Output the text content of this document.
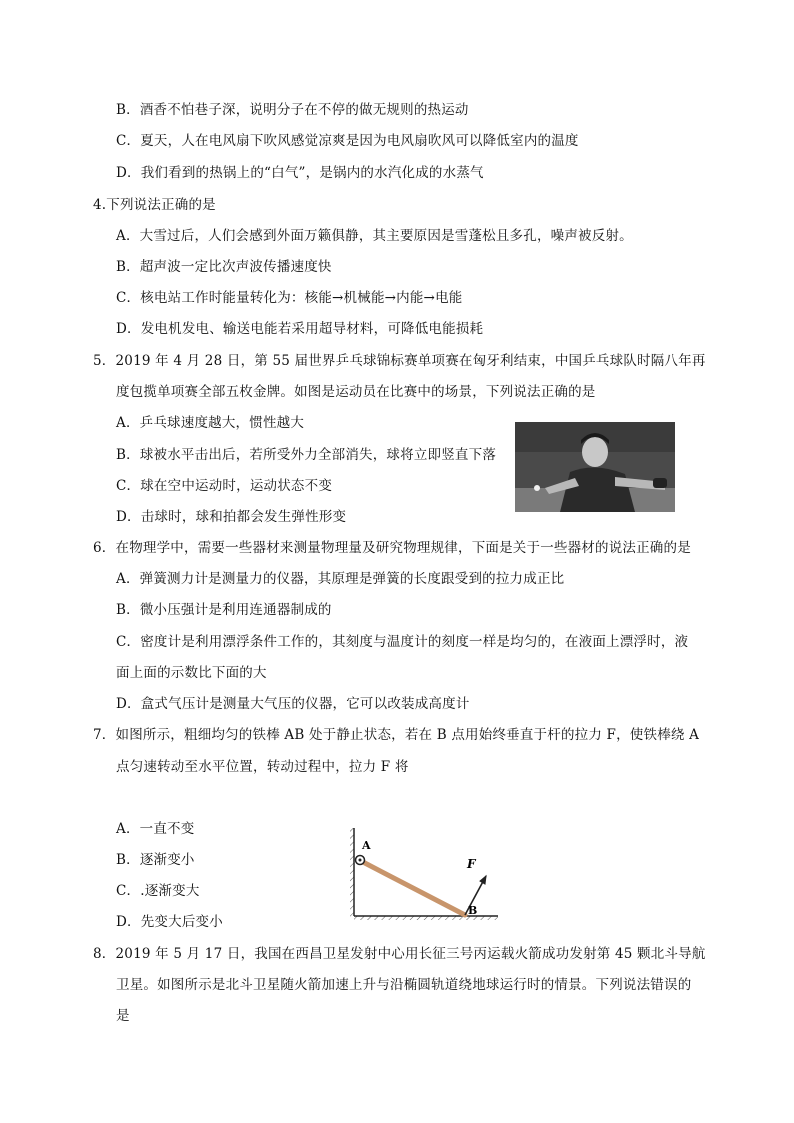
B．酒香不怕巷子深，说明分子在不停的做无规则的热运动
C．夏天，人在电风扇下吹风感觉凉爽是因为电风扇吹风可以降低室内的温度
D．我们看到的热锅上的“白气”，是锅内的水汽化成的水蒸气
4.下列说法正确的是
A．大雪过后，人们会感到外面万籁俱静，其主要原因是雪蓬松且多孔，噪声被反射。
B．超声波一定比次声波传播速度快
C．核电站工作时能量转化为：核能→机械能→内能→电能
D．发电机发电、输送电能若采用超导材料，可降低电能损耗
5．2019 年 4 月 28 日，第 55 届世界乒乓球锦标赛单项赛在匈牙利结束，中国乒乓球队时隔八年再
度包揽单项赛全部五枚金牌。如图是运动员在比赛中的场景，下列说法正确的是
A．乒乓球速度越大，惯性越大
B．球被水平击出后，若所受外力全部消失，球将立即竖直下落
C．球在空中运动时，运动状态不变
D．击球时，球和拍都会发生弹性形变
6．在物理学中，需要一些器材来测量物理量及研究物理规律，下面是关于一些器材的说法正确的是
A．弹簧测力计是测量力的仪器，其原理是弹簧的长度跟受到的拉力成正比
B．微小压强计是利用连通器制成的
C．密度计是利用漂浮条件工作的，其刻度与温度计的刻度一样是均匀的，在液面上漂浮时，液
面上面的示数比下面的大
D．盒式气压计是测量大气压的仪器，它可以改装成高度计
7．如图所示，粗细均匀的铁棒 AB 处于静止状态，若在 B 点用始终垂直于杆的拉力 F，使铁棒绕 A
点匀速转动至水平位置，转动过程中，拉力 F 将
A．一直不变
B．逐渐变小
C．.逐渐变大
D．先变大后变小
A
F
B
8．2019 年 5 月 17 日，我国在西昌卫星发射中心用长征三号丙运载火箭成功发射第 45 颗北斗导航
卫星。如图所示是北斗卫星随火箭加速上升与沿椭圆轨道绕地球运行时的情景。下列说法错误的
是
